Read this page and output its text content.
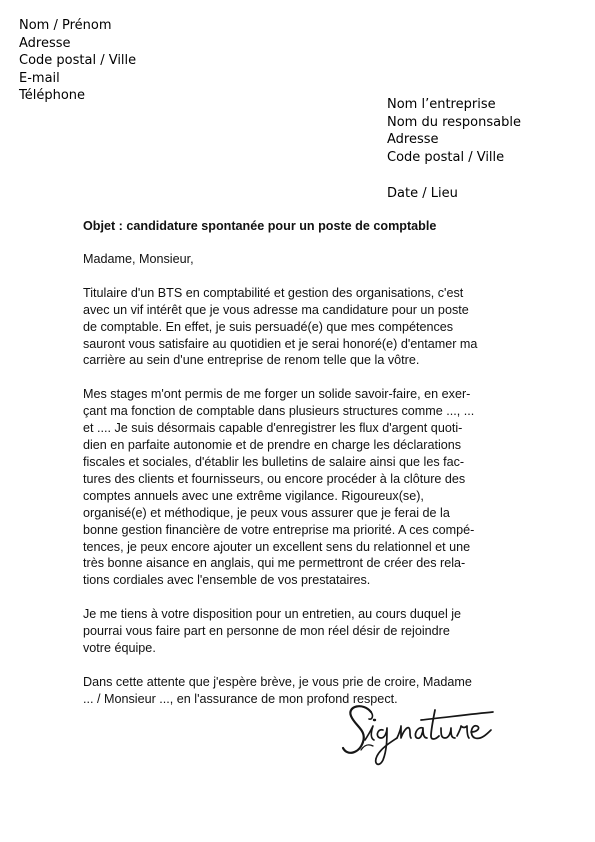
Nom / Prénom
Adresse
Code postal / Ville
E-mail
Téléphone
Nom l’entreprise
Nom du responsable
Adresse
Code postal / Ville
Date / Lieu
Objet : candidature spontanée pour un poste de comptable
Madame, Monsieur,
Titulaire d'un BTS en comptabilité et gestion des organisations, c'est
avec un vif intérêt que je vous adresse ma candidature pour un poste
de comptable. En effet, je suis persuadé(e) que mes compétences
sauront vous satisfaire au quotidien et je serai honoré(e) d'entamer ma
carrière au sein d'une entreprise de renom telle que la vôtre.
Mes stages m'ont permis de me forger un solide savoir-faire, en exer-
çant ma fonction de comptable dans plusieurs structures comme ..., ...
et .... Je suis désormais capable d'enregistrer les flux d'argent quoti-
dien en parfaite autonomie et de prendre en charge les déclarations
fiscales et sociales, d'établir les bulletins de salaire ainsi que les fac-
tures des clients et fournisseurs, ou encore procéder à la clôture des
comptes annuels avec une extrême vigilance. Rigoureux(se),
organisé(e) et méthodique, je peux vous assurer que je ferai de la
bonne gestion financière de votre entreprise ma priorité. A ces compé-
tences, je peux encore ajouter un excellent sens du relationnel et une
très bonne aisance en anglais, qui me permettront de créer des rela-
tions cordiales avec l'ensemble de vos prestataires.
Je me tiens à votre disposition pour un entretien, au cours duquel je
pourrai vous faire part en personne de mon réel désir de rejoindre
votre équipe.
Dans cette attente que j'espère brève, je vous prie de croire, Madame
... / Monsieur ..., en l'assurance de mon profond respect.
